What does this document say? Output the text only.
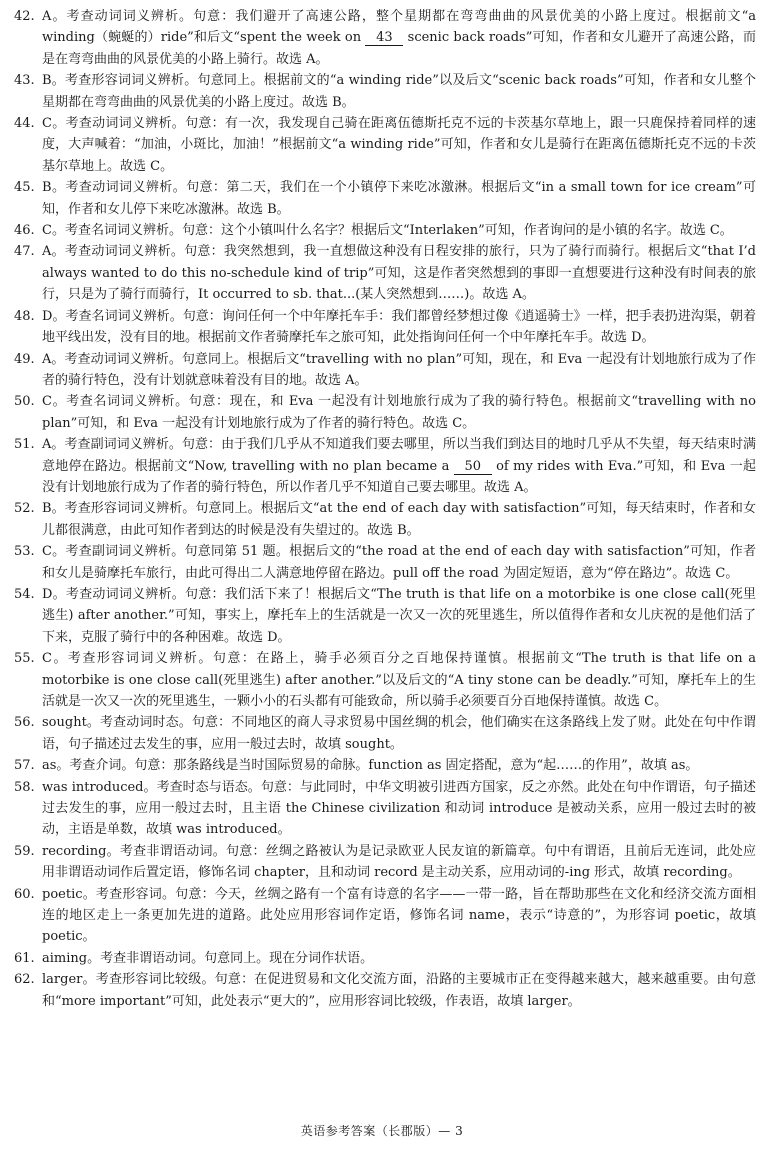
42. A。考查动词词义辨析。句意：我们避开了高速公路，整个星期都在弯弯曲曲的风景优美的小路上度过。根据前文“a winding（蜿蜒的）ride”和后文“spent the week on 43 scenic back roads”可知，作者和女儿避开了高速公路，而是在弯弯曲曲的风景优美的小路上骑行。故选 A。
43. B。考查形容词词义辨析。句意同上。根据前文的“a winding ride”以及后文“scenic back roads”可知，作者和女儿整个星期都在弯弯曲曲的风景优美的小路上度过。故选 B。
44. C。考查动词词义辨析。句意：有一次，我发现自己骑在距离伍德斯托克不远的卡茨基尔草地上，跟一只鹿保持着同样的速度，大声喊着：“加油，小斑比，加油！”根据前文“a winding ride”可知，作者和女儿是骑行在距离伍德斯托克不远的卡茨基尔草地上。故选 C。
45. B。考查动词词义辨析。句意：第二天，我们在一个小镇停下来吃冰激淋。根据后文“in a small town for ice cream”可知，作者和女儿停下来吃冰激淋。故选 B。
46. C。考查名词词义辨析。句意：这个小镇叫什么名字？根据后文“Interlaken”可知，作者询问的是小镇的名字。故选 C。
47. A。考查动词词义辨析。句意：我突然想到，我一直想做这种没有日程安排的旅行，只为了骑行而骑行。根据后文“that I’d always wanted to do this no-schedule kind of trip”可知，这是作者突然想到的事即一直想要进行这种没有时间表的旅行，只是为了骑行而骑行，It occurred to sb. that...(某人突然想到……)。故选 A。
48. D。考查名词词义辨析。句意：询问任何一个中年摩托车手：我们都曾经梦想过像《逍遥骑士》一样，把手表扔进沟渠，朝着地平线出发，没有目的地。根据前文作者骑摩托车之旅可知，此处指询问任何一个中年摩托车手。故选 D。
49. A。考查动词词义辨析。句意同上。根据后文“travelling with no plan”可知，现在，和 Eva 一起没有计划地旅行成为了作者的骑行特色，没有计划就意味着没有目的地。故选 A。
50. C。考查名词词义辨析。句意：现在，和 Eva 一起没有计划地旅行成为了我的骑行特色。根据前文“travelling with no plan”可知，和 Eva 一起没有计划地旅行成为了作者的骑行特色。故选 C。
51. A。考查副词词义辨析。句意：由于我们几乎从不知道我们要去哪里，所以当我们到达目的地时几乎从不失望，每天结束时满意地停在路边。根据前文“Now, travelling with no plan became a 50 of my rides with Eva.”可知，和 Eva 一起没有计划地旅行成为了作者的骑行特色，所以作者几乎不知道自己要去哪里。故选 A。
52. B。考查形容词词义辨析。句意同上。根据后文“at the end of each day with satisfaction”可知，每天结束时，作者和女儿都很满意，由此可知作者到达的时候是没有失望过的。故选 B。
53. C。考查副词词义辨析。句意同第 51 题。根据后文的“the road at the end of each day with satisfaction”可知，作者和女儿是骑摩托车旅行，由此可得出二人满意地停留在路边。pull off the road 为固定短语，意为“停在路边”。故选 C。
54. D。考查动词词义辨析。句意：我们活下来了！根据后文“The truth is that life on a motorbike is one close call(死里逃生) after another.”可知，事实上，摩托车上的生活就是一次又一次的死里逃生，所以值得作者和女儿庆祝的是他们活了下来，克服了骑行中的各种困难。故选 D。
55. C。考查形容词词义辨析。句意：在路上，骑手必须百分之百地保持谨慎。根据前文“The truth is that life on a motorbike is one close call(死里逃生) after another.”以及后文的“A tiny stone can be deadly.”可知，摩托车上的生活就是一次又一次的死里逃生，一颗小小的石头都有可能致命，所以骑手必须要百分百地保持谨慎。故选 C。
56. sought。考查动词时态。句意：不同地区的商人寻求贸易中国丝绸的机会，他们确实在这条路线上发了财。此处在句中作谓语，句子描述过去发生的事，应用一般过去时，故填 sought。
57. as。考查介词。句意：那条路线是当时国际贸易的命脉。function as 固定搭配，意为“起……的作用”，故填 as。
58. was introduced。考查时态与语态。句意：与此同时，中华文明被引进西方国家，反之亦然。此处在句中作谓语，句子描述过去发生的事，应用一般过去时，且主语 the Chinese civilization 和动词 introduce 是被动关系，应用一般过去时的被动，主语是单数，故填 was introduced。
59. recording。考查非谓语动词。句意：丝绸之路被认为是记录欧亚人民友谊的新篇章。句中有谓语，且前后无连词，此处应用非谓语动词作后置定语，修饰名词 chapter，且和动词 record 是主动关系，应用动词的-ing 形式，故填 recording。
60. poetic。考查形容词。句意：今天，丝绸之路有一个富有诗意的名字——一带一路，旨在帮助那些在文化和经济交流方面相连的地区走上一条更加先进的道路。此处应用形容词作定语，修饰名词 name，表示“诗意的”，为形容词 poetic，故填 poetic。
61. aiming。考查非谓语动词。句意同上。现在分词作状语。
62. larger。考查形容词比较级。句意：在促进贸易和文化交流方面，沿路的主要城市正在变得越来越大，越来越重要。由句意和“more important”可知，此处表示“更大的”，应用形容词比较级，作表语，故填 larger。
英语参考答案（长郡版）— 3
